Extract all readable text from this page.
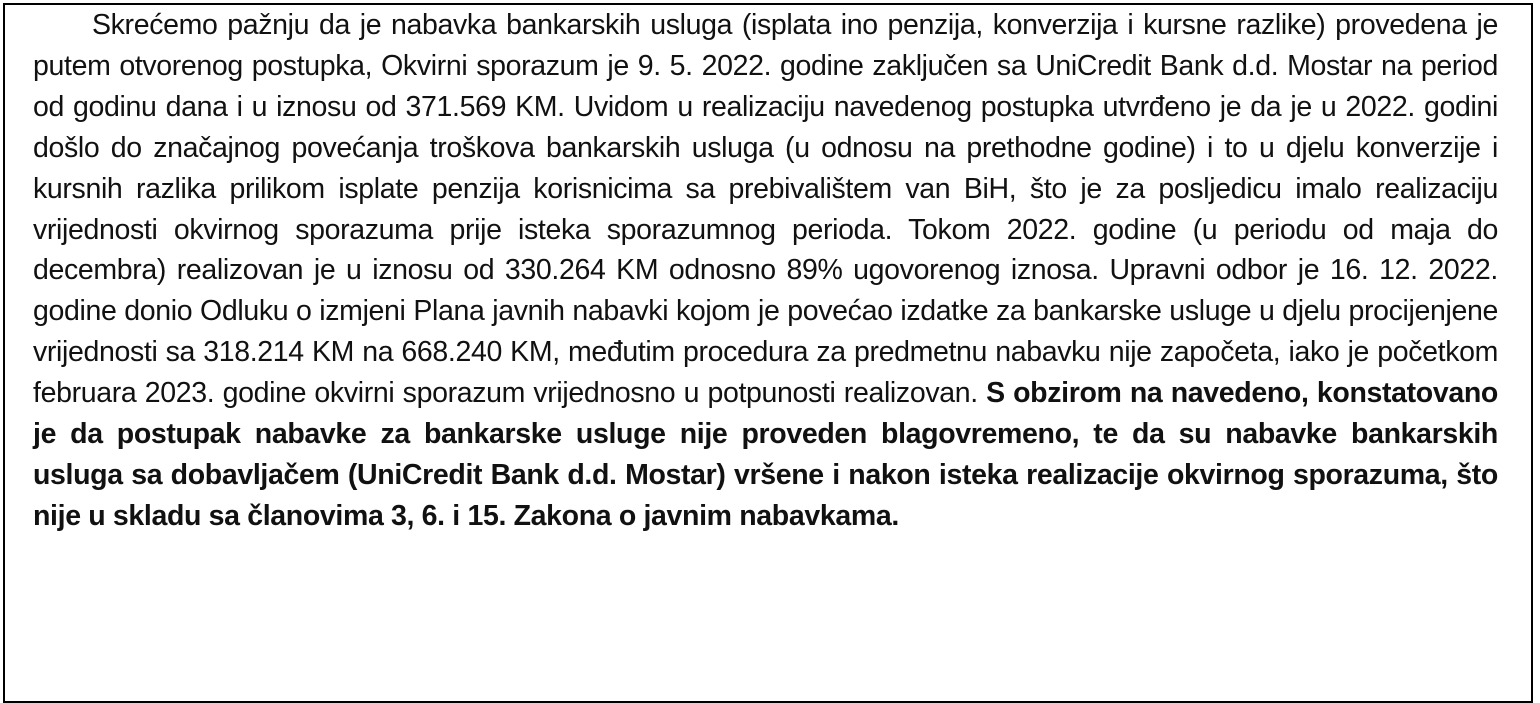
Skrećemo pažnju da je nabavka bankarskih usluga (isplata ino penzija, konverzija i kursne razlike) provedena je putem otvorenog postupka, Okvirni sporazum je 9. 5. 2022. godine zaključen sa UniCredit Bank d.d. Mostar na period od godinu dana i u iznosu od 371.569 KM. Uvidom u realizaciju navedenog postupka utvrđeno je da je u 2022. godini došlo do značajnog povećanja troškova bankarskih usluga (u odnosu na prethodne godine) i to u djelu konverzije i kursnih razlika prilikom isplate penzija korisnicima sa prebivalištem van BiH, što je za posljedicu imalo realizaciju vrijednosti okvirnog sporazuma prije isteka sporazumnog perioda. Tokom 2022. godine (u periodu od maja do decembra) realizovan je u iznosu od 330.264 KM odnosno 89% ugovorenog iznosa. Upravni odbor je 16. 12. 2022. godine donio Odluku o izmjeni Plana javnih nabavki kojom je povećao izdatke za bankarske usluge u djelu procijenjene vrijednosti sa 318.214 KM na 668.240 KM, međutim procedura za predmetnu nabavku nije započeta, iako je početkom februara 2023. godine okvirni sporazum vrijednosno u potpunosti realizovan. S obzirom na navedeno, konstatovano je da postupak nabavke za bankarske usluge nije proveden blagovremeno, te da su nabavke bankarskih usluga sa dobavljačem (UniCredit Bank d.d. Mostar) vršene i nakon isteka realizacije okvirnog sporazuma, što nije u skladu sa članovima 3, 6. i 15. Zakona o javnim nabavkama.
